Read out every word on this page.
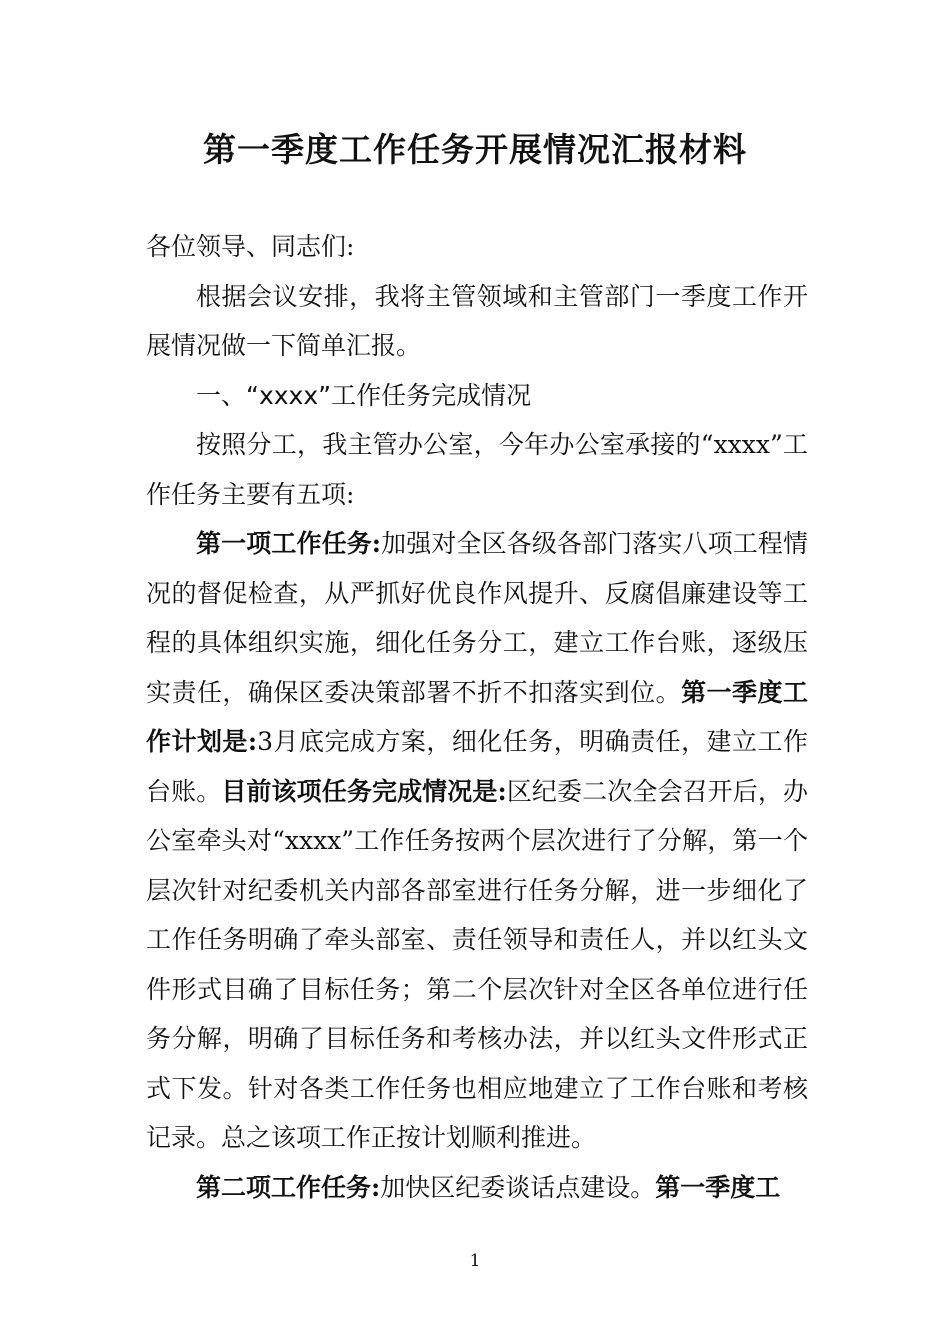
第一季度工作任务开展情况汇报材料

各位领导、同志们:

根据会议安排，我将主管领域和主管部门一季度工作开展情况做一下简单汇报。

一、“xxxx”工作任务完成情况

按照分工，我主管办公室，今年办公室承接的“xxxx”工作任务主要有五项:

第一项工作任务:加强对全区各级各部门落实八项工程情况的督促检查，从严抓好优良作风提升、反腐倡廉建设等工程的具体组织实施，细化任务分工，建立工作台账，逐级压实责任，确保区委决策部署不折不扣落实到位。第一季度工作计划是:3月底完成方案，细化任务，明确责任，建立工作台账。目前该项任务完成情况是:区纪委二次全会召开后，办公室牵头对“xxxx”工作任务按两个层次进行了分解，第一个层次针对纪委机关内部各部室进行任务分解，进一步细化了工作任务明确了牵头部室、责任领导和责任人，并以红头文件形式目确了目标任务；第二个层次针对全区各单位进行任务分解，明确了目标任务和考核办法，并以红头文件形式正式下发。针对各类工作任务也相应地建立了工作台账和考核记录。总之该项工作正按计划顺利推进。

第二项工作任务:加快区纪委谈话点建设。第一季度工

1
